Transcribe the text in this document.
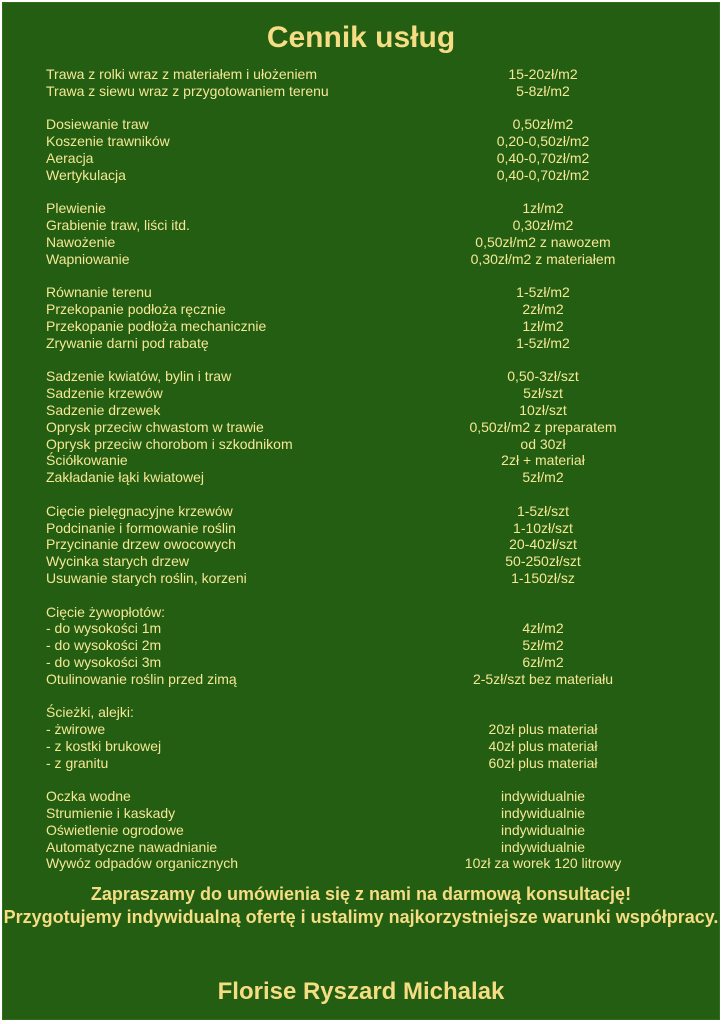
Cennik usług
Trawa z rolki wraz z materiałem i ułożeniem	15-20zł/m2
Trawa z siewu wraz z przygotowaniem terenu	5-8zł/m2
Dosiewanie traw	0,50zł/m2
Koszenie trawników	0,20-0,50zł/m2
Aeracja	0,40-0,70zł/m2
Wertykulacja	0,40-0,70zł/m2
Plewienie	1zł/m2
Grabienie traw, liści itd.	0,30zł/m2
Nawożenie	0,50zł/m2 z nawozem
Wapniowanie	0,30zł/m2 z materiałem
Równanie terenu	1-5zł/m2
Przekopanie podłoża ręcznie	2zł/m2
Przekopanie podłoża mechanicznie	1zł/m2
Zrywanie darni pod rabatę	1-5zł/m2
Sadzenie kwiatów, bylin i traw	0,50-3zł/szt
Sadzenie krzewów	5zł/szt
Sadzenie drzewek	10zł/szt
Oprysk przeciw chwastom w trawie	0,50zł/m2 z preparatem
Oprysk przeciw chorobom i szkodnikom	od 30zł
Ściółkowanie	2zł + materiał
Zakładanie łąki kwiatowej	5zł/m2
Cięcie pielęgnacyjne krzewów	1-5zł/szt
Podcinanie i formowanie roślin	1-10zł/szt
Przycinanie drzew owocowych	20-40zł/szt
Wycinka starych drzew	50-250zł/szt
Usuwanie starych roślin, korzeni	1-150zł/sz
Cięcie żywopłotów:
- do wysokości 1m	4zł/m2
- do wysokości 2m	5zł/m2
- do wysokości 3m	6zł/m2
Otulinowanie roślin przed zimą	2-5zł/szt bez materiału
Ścieżki, alejki:
- żwirowe	20zł plus materiał
- z kostki brukowej	40zł plus materiał
- z granitu	60zł plus materiał
Oczka wodne	indywidualnie
Strumienie i kaskady	indywidualnie
Oświetlenie ogrodowe	indywidualnie
Automatyczne nawadnianie	indywidualnie
Wywóz odpadów organicznych	10zł za worek 120 litrowy

Zapraszamy do umówienia się z nami na darmową konsultację!

Przygotujemy indywidualną ofertę i ustalimy najkorzystniejsze warunki współpracy.

Florise Ryszard Michalak
